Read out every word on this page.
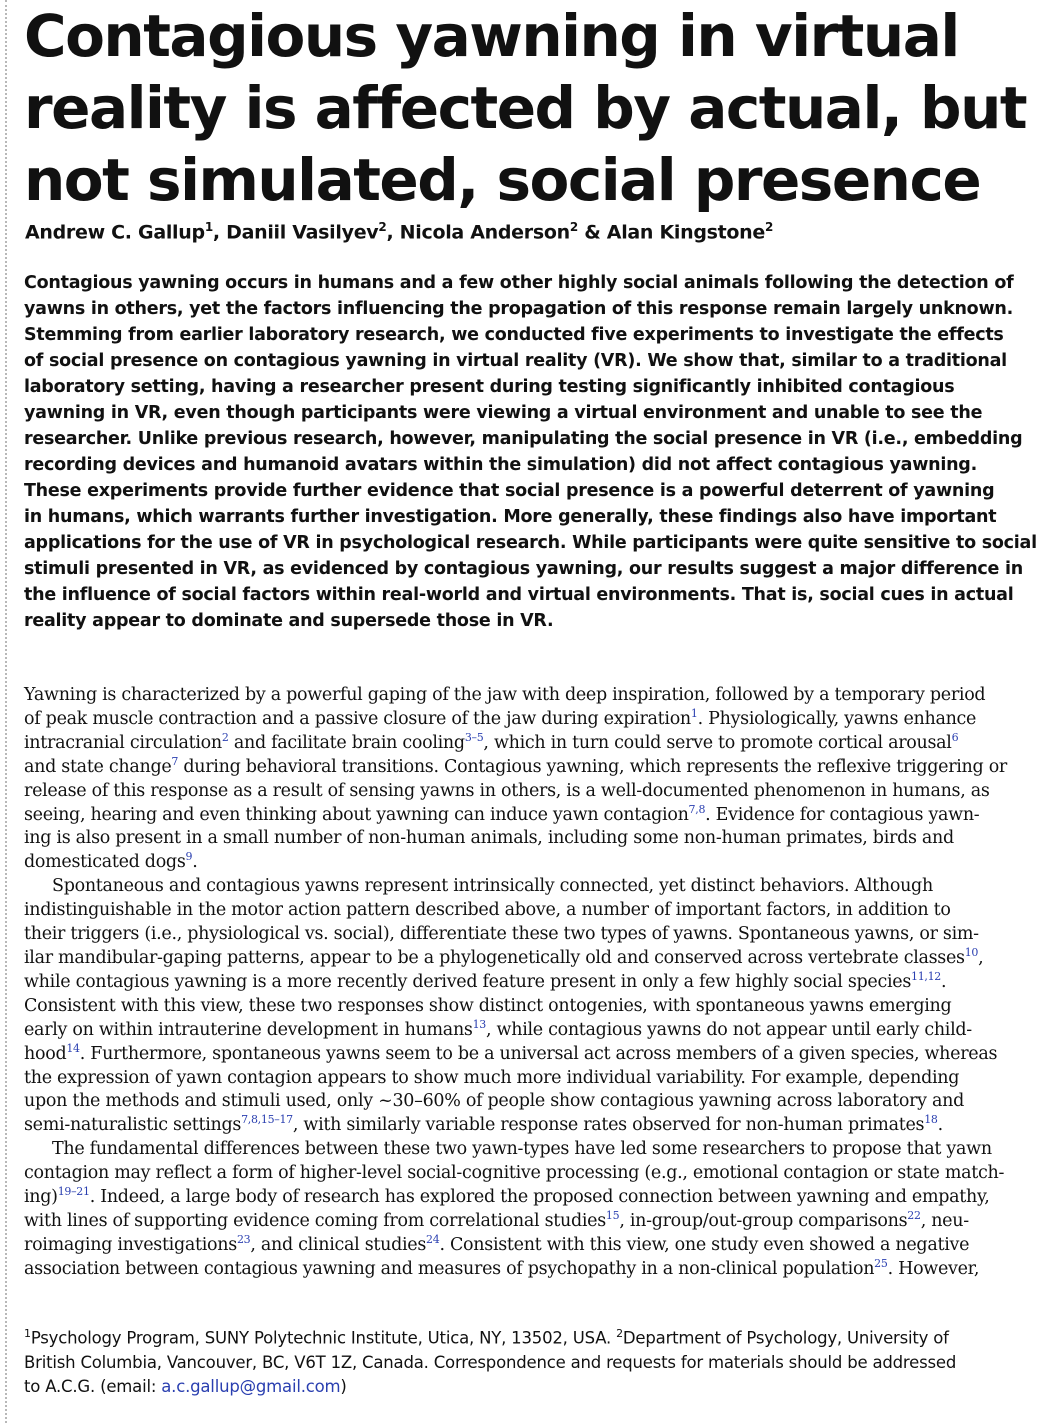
Contagious yawning in virtual reality is affected by actual, but not simulated, social presence
Andrew C. Gallup$^1$, Daniil Vasilyev$^2$, Nicola Anderson$^2$ & Alan Kingstone$^2$
Contagious yawning occurs in humans and a few other highly social animals following the detection of
yawns in others, yet the factors influencing the propagation of this response remain largely unknown.
Stemming from earlier laboratory research, we conducted five experiments to investigate the effects
of social presence on contagious yawning in virtual reality (VR). We show that, similar to a traditional
laboratory setting, having a researcher present during testing significantly inhibited contagious
yawning in VR, even though participants were viewing a virtual environment and unable to see the
researcher. Unlike previous research, however, manipulating the social presence in VR (i.e., embedding
recording devices and humanoid avatars within the simulation) did not affect contagious yawning.
These experiments provide further evidence that social presence is a powerful deterrent of yawning
in humans, which warrants further investigation. More generally, these findings also have important
applications for the use of VR in psychological research. While participants were quite sensitive to social
stimuli presented in VR, as evidenced by contagious yawning, our results suggest a major difference in
the influence of social factors within real-world and virtual environments. That is, social cues in actual
reality appear to dominate and supersede those in VR.
Yawning is characterized by a powerful gaping of the jaw with deep inspiration, followed by a temporary period
of peak muscle contraction and a passive closure of the jaw during expiration$^1$. Physiologically, yawns enhance
intracranial circulation$^2$ and facilitate brain cooling$^{3-5}$, which in turn could serve to promote cortical arousal$^6$
and state change$^7$ during behavioral transitions. Contagious yawning, which represents the reflexive triggering or
release of this response as a result of sensing yawns in others, is a well-documented phenomenon in humans, as
seeing, hearing and even thinking about yawning can induce yawn contagion$^{7,8}$. Evidence for contagious yawn-
ing is also present in a small number of non-human animals, including some non-human primates, birds and
domesticated dogs$^9$.
Spontaneous and contagious yawns represent intrinsically connected, yet distinct behaviors. Although
indistinguishable in the motor action pattern described above, a number of important factors, in addition to
their triggers (i.e., physiological vs. social), differentiate these two types of yawns. Spontaneous yawns, or sim-
ilar mandibular-gaping patterns, appear to be a phylogenetically old and conserved across vertebrate classes$^{10}$,
while contagious yawning is a more recently derived feature present in only a few highly social species$^{11,12}$.
Consistent with this view, these two responses show distinct ontogenies, with spontaneous yawns emerging
early on within intrauterine development in humans$^{13}$, while contagious yawns do not appear until early child-
hood$^{14}$. Furthermore, spontaneous yawns seem to be a universal act across members of a given species, whereas
the expression of yawn contagion appears to show much more individual variability. For example, depending
upon the methods and stimuli used, only ~30–60% of people show contagious yawning across laboratory and
semi-naturalistic settings$^{7,8,15-17}$, with similarly variable response rates observed for non-human primates$^{18}$.
The fundamental differences between these two yawn-types have led some researchers to propose that yawn
contagion may reflect a form of higher-level social-cognitive processing (e.g., emotional contagion or state match-
ing)$^{19-21}$. Indeed, a large body of research has explored the proposed connection between yawning and empathy,
with lines of supporting evidence coming from correlational studies$^{15}$, in-group/out-group comparisons$^{22}$, neu-
roimaging investigations$^{23}$, and clinical studies$^{24}$. Consistent with this view, one study even showed a negative
association between contagious yawning and measures of psychopathy in a non-clinical population$^{25}$. However,
$^1$Psychology Program, SUNY Polytechnic Institute, Utica, NY, 13502, USA. $^2$Department of Psychology, University of
British Columbia, Vancouver, BC, V6T 1Z, Canada. Correspondence and requests for materials should be addressed
to A.C.G. (email: a.c.gallup@gmail.com)
